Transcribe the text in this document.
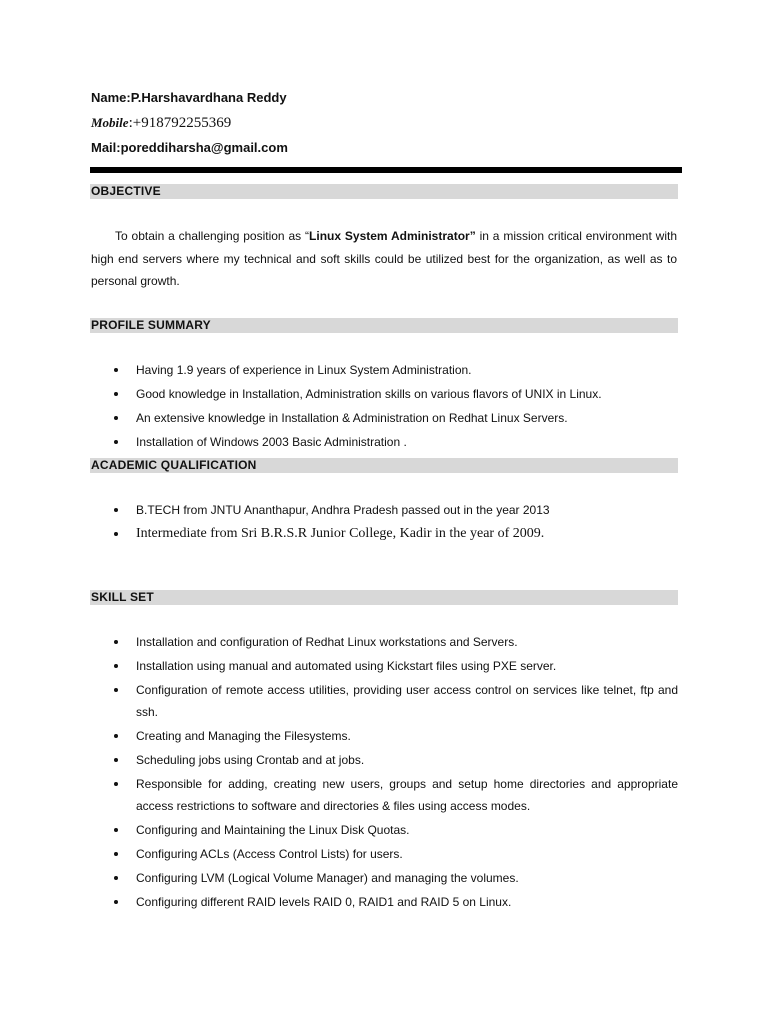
Name:P.Harshavardhana Reddy
Mobile:+918792255369
Mail:poreddiharsha@gmail.com
OBJECTIVE
To obtain a challenging position as “Linux System Administrator” in a mission critical environment with high end servers where my technical and soft skills could be utilized best for the organization, as well as to personal growth.
PROFILE SUMMARY
Having 1.9 years of experience in Linux System Administration.
Good knowledge in Installation, Administration skills on various flavors of UNIX in Linux.
An extensive knowledge in Installation & Administration on Redhat Linux Servers.
Installation of Windows 2003 Basic Administration .
ACADEMIC QUALIFICATION
B.TECH from JNTU Ananthapur, Andhra Pradesh passed out in the year 2013
Intermediate from Sri B.R.S.R Junior College, Kadir in the year of 2009.
SKILL SET
Installation and configuration of Redhat Linux workstations and Servers.
Installation using manual and automated using Kickstart files using PXE server.
Configuration of remote access utilities, providing user access control on services like telnet, ftp and ssh.
Creating and Managing the Filesystems.
Scheduling jobs using Crontab and at jobs.
Responsible for adding, creating new users, groups and setup home directories and appropriate access restrictions to software and directories & files using access modes.
Configuring and Maintaining the Linux Disk Quotas.
Configuring ACLs (Access Control Lists) for users.
Configuring LVM (Logical Volume Manager) and managing the volumes.
Configuring different RAID levels RAID 0, RAID1 and RAID 5 on Linux.
